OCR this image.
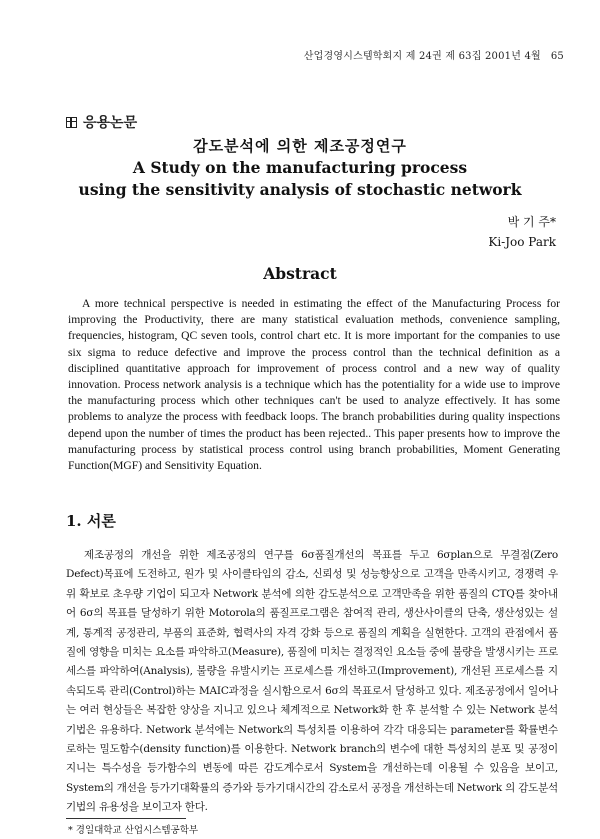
산업경영시스템학회지 제 24권 제 63집 2001년 4월 65
응용논문
감도분석에 의한 제조공정연구
A Study on the manufacturing process
using the sensitivity analysis of stochastic network
박 기 주*
Ki-Joo Park
Abstract

A more technical perspective is needed in estimating the effect of the Manufacturing Process for improving the Productivity, there are many statistical evaluation methods, convenience sampling, frequencies, histogram, QC seven tools, control chart etc. It is more important for the companies to use six sigma to reduce defective and improve the process control than the technical definition as a disciplined quantitative approach for improvement of process control and a new way of quality innovation. Process network analysis is a technique which has the potentiality for a wide use to improve the manufacturing process which other techniques can't be used to analyze effectively. It has some problems to analyze the process with feedback loops. The branch probabilities during quality inspections depend upon the number of times the product has been rejected.. This paper presents how to improve the manufacturing process by statistical process control using branch probabilities, Moment Generating Function(MGF) and Sensitivity Equation.

1. 서론

제조공정의 개선을 위한 제조공정의 연구를 6σ품질개선의 목표를 두고 6σplan으로 무결점(Zero Defect)목표에 도전하고, 원가 및 사이클타임의 감소, 신뢰성 및 성능향상으로 고객을 만족시키고, 경쟁력 우위 확보로 초우량 기업이 되고자 Network 분석에 의한 감도분석으로 고객만족을 위한 품질의 CTQ를 찾아내어 6σ의 목표를 달성하기 위한 Motorola의 품질프로그램은 참여적 관리, 생산사이클의 단축, 생산성있는 설계, 통계적 공정관리, 부품의 표준화, 협력사의 자격 강화 등으로 품질의 계획을 실현한다. 고객의 관점에서 품질에 영향을 미치는 요소를 파악하고(Measure), 품질에 미치는 결정적인 요소들 중에 불량을 발생시키는 프로세스를 파악하여(Analysis), 불량을 유발시키는 프로세스를 개선하고(Improvement), 개선된 프로세스를 지속되도록 관리(Control)하는 MAIC과정을 실시함으로서 6σ의 목표로서 달성하고 있다. 제조공정에서 일어나는 여러 현상들은 복잡한 양상을 지니고 있으나 체계적으로 Network화 한 후 분석할 수 있는 Network 분석기법은 유용하다. Network 분석에는 Network의 특성치를 이용하여 각각 대응되는 parameter를 확률변수로하는 밀도함수(density function)를 이용한다. Network branch의 변수에 대한 특성치의 분포 및 공정이 지니는 특수성을 등가함수의 변동에 따른 감도계수로서 System을 개선하는데 이용될 수 있음을 보이고, System의 개선을 등가기대확률의 증가와 등가기대시간의 감소로서 공정을 개선하는데 Network 의 감도분석기법의 유용성을 보이고자 한다.

* 경일대학교 산업시스템공학부
